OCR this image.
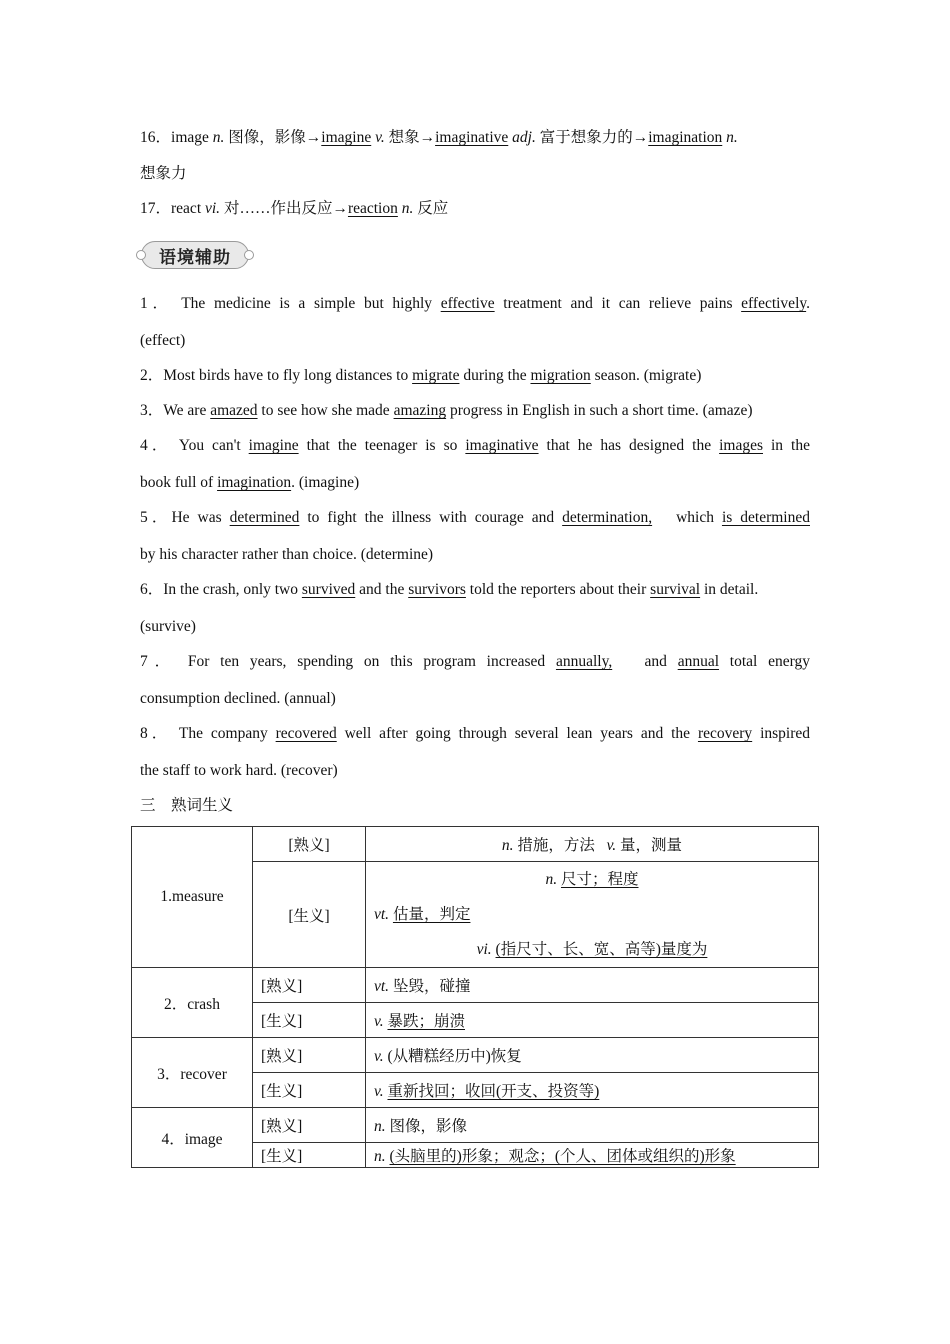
16．image n. 图像，影像→imagine v. 想象→imaginative adj. 富于想象力的→imagination n.
想象力
17．react vi. 对……作出反应→reaction n. 反应
语境辅助
1． The medicine is a simple but highly effective treatment and it can relieve pains effectively.
(effect)
2．Most birds have to fly long distances to migrate during the migration season. (migrate)
3．We are amazed to see how she made amazing progress in English in such a short time. (amaze)
4． You can't imagine that the teenager is so imaginative that he has designed the images in the
book full of imagination. (imagine)
5．He was determined to fight the illness with courage and determination,   which is determined
by his character rather than choice. (determine)
6．In the crash, only two survived and the survivors told the reporters about their survival in detail.
(survive)
7． For ten years, spending on this program increased annually,   and annual total energy
consumption declined. (annual)
8． The company recovered well after going through several lean years and the recovery inspired
the staff to work hard. (recover)
三　熟词生义
1.measure	[熟义]	n. 措施，方法 v. 量，测量
	[生义]	n. 尺寸；程度
vt. 估量，判定
vi. (指尺寸、长、宽、高等)量度为

2．crash	[熟义]	vt. 坠毁，碰撞
	[生义]	v. 暴跌；崩溃
3．recover	[熟义]	v. (从糟糕经历中)恢复
	[生义]	v. 重新找回；收回(开支、投资等)
4．image	[熟义]	n. 图像，影像
	[生义]	n. (头脑里的)形象；观念；(个人、团体或组织的)形象
